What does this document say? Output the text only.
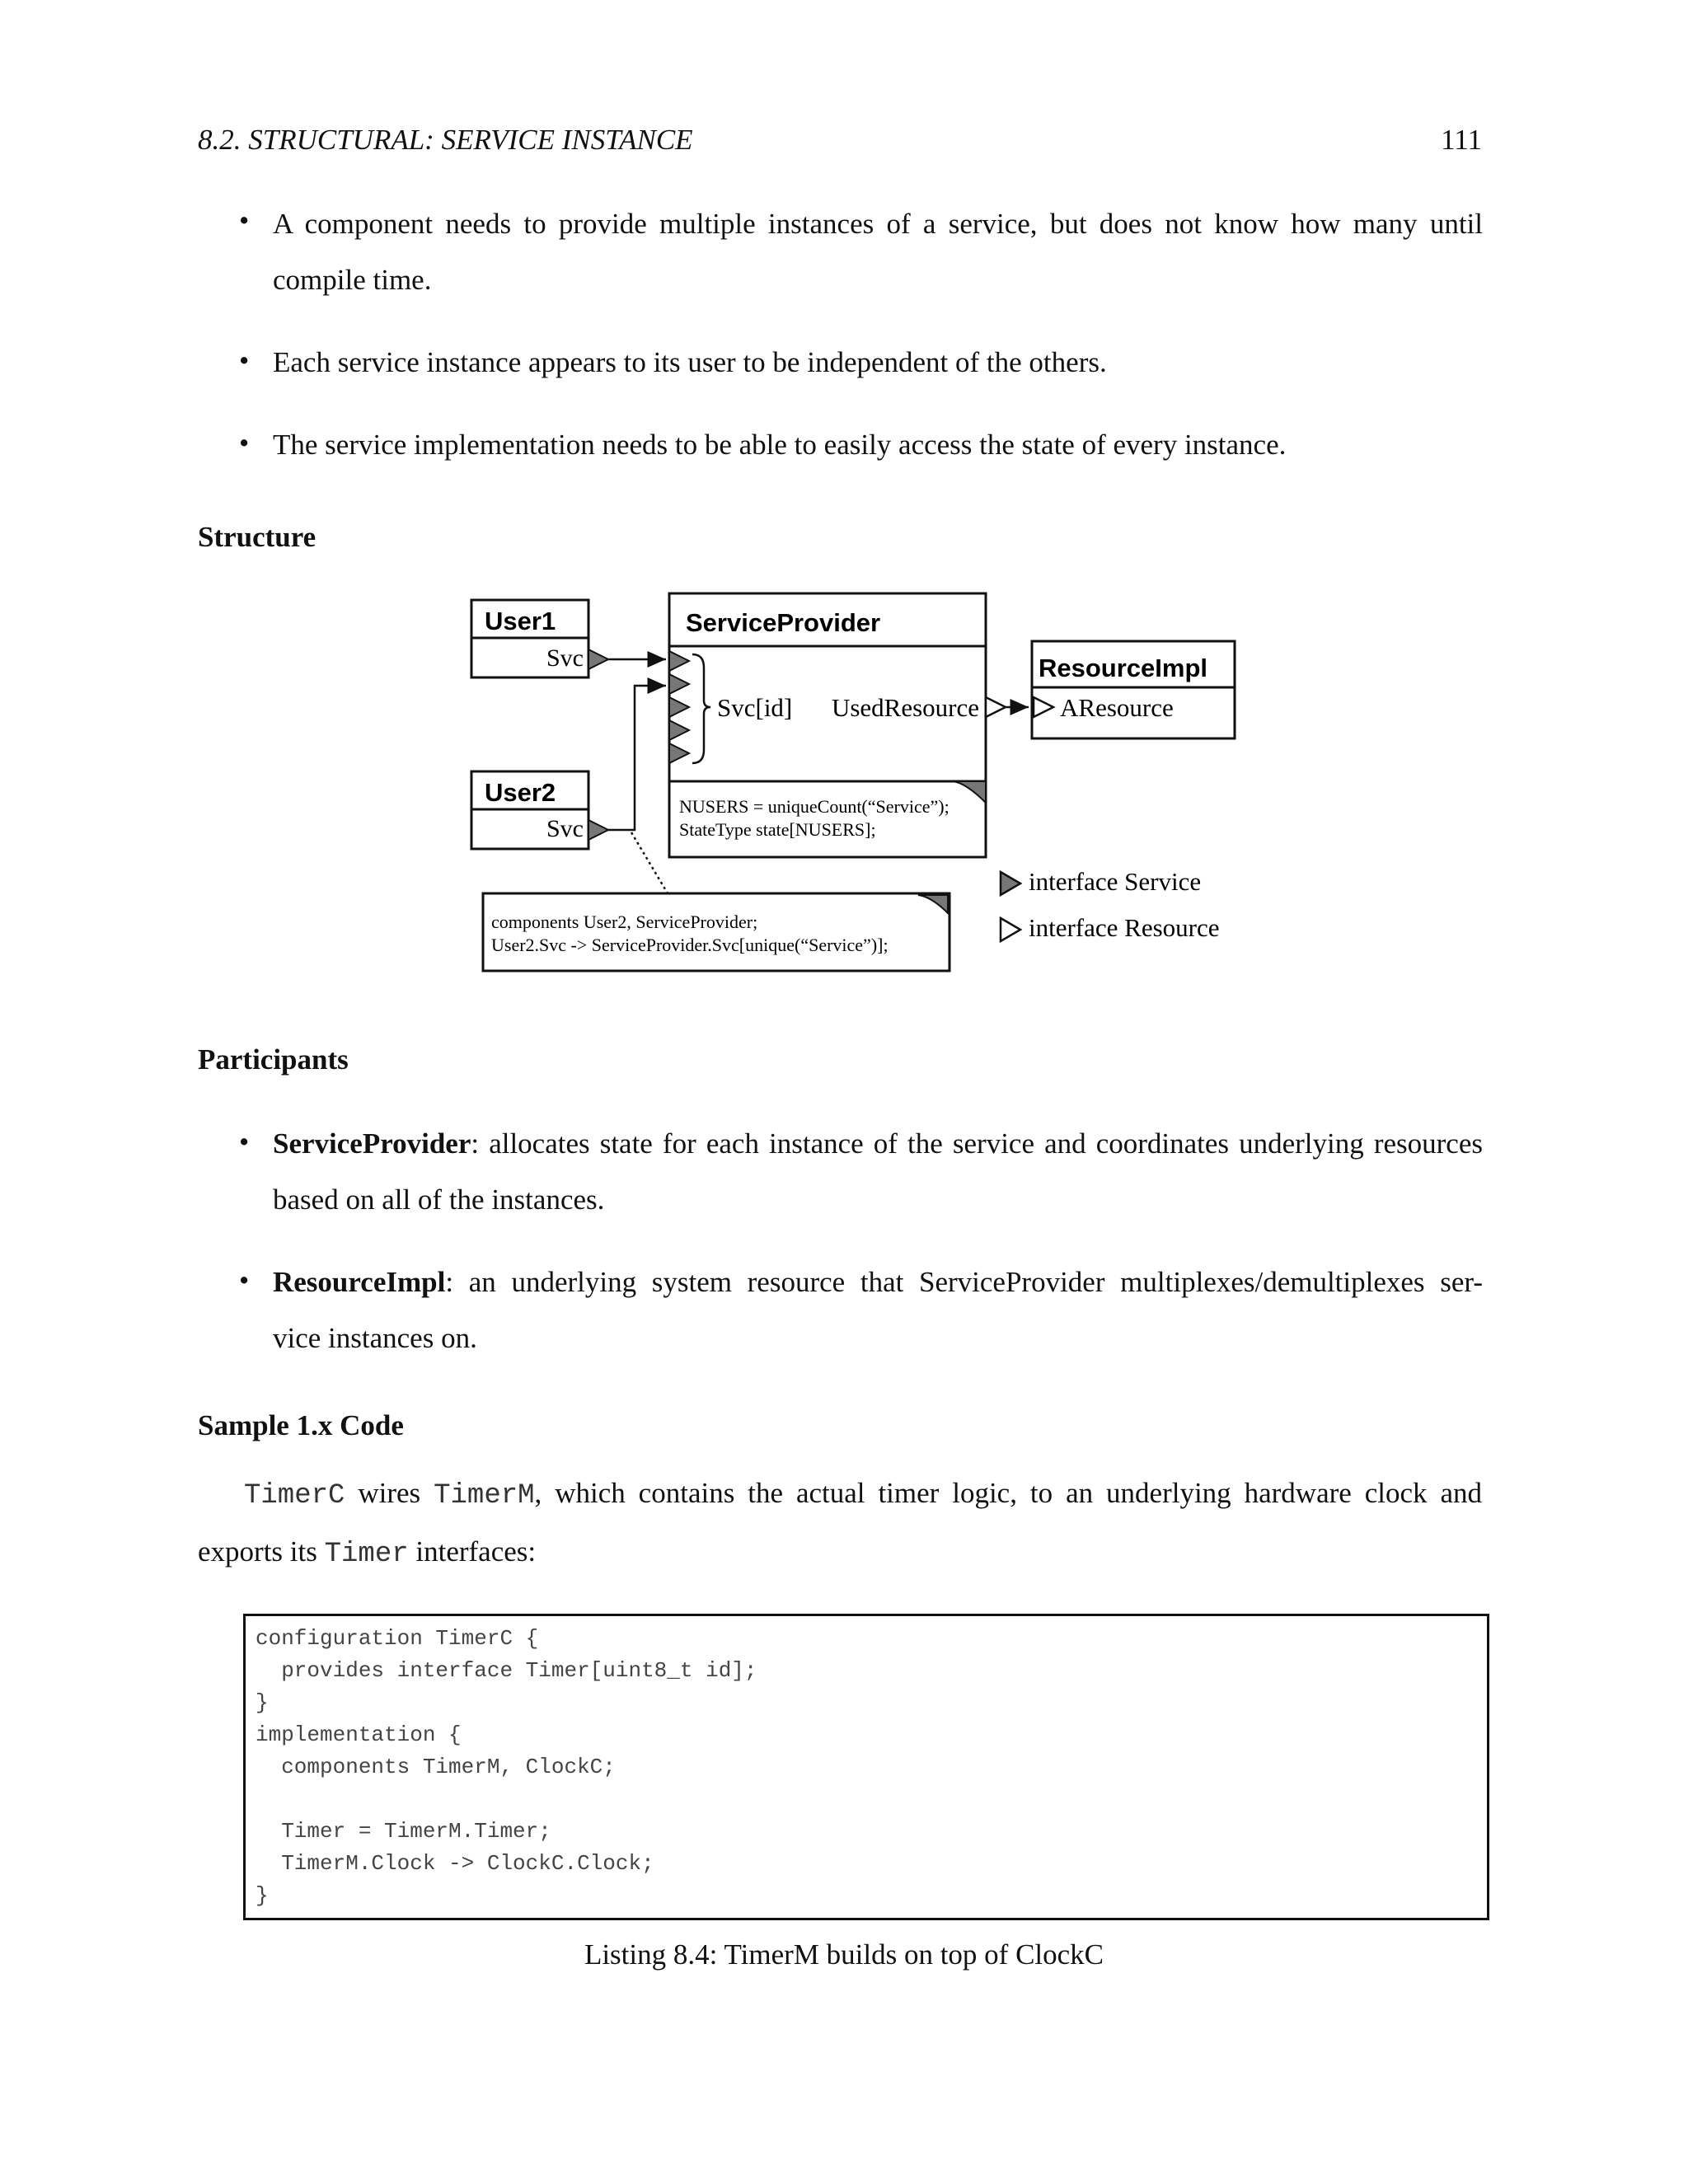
8.2. STRUCTURAL: SERVICE INSTANCE	111
• A component needs to provide multiple instances of a service, but does not know how many until
compile time.
• Each service instance appears to its user to be independent of the others.
• The service implementation needs to be able to easily access the state of every instance.
Structure
User1
Svc
User2
Svc
ServiceProvider
Svc[id] UsedResource
NUSERS = uniqueCount(“Service”);
StateType state[NUSERS];
ResourceImpl
AResource
components User2, ServiceProvider;
User2.Svc -> ServiceProvider.Svc[unique(“Service”)];
interface Service
interface Resource
Participants
• ServiceProvider: allocates state for each instance of the service and coordinates underlying resources
based on all of the instances.
• ResourceImpl: an underlying system resource that ServiceProvider multiplexes/demultiplexes ser-
vice instances on.
Sample 1.x Code
TimerC wires TimerM, which contains the actual timer logic, to an underlying hardware clock and
exports its Timer interfaces:
configuration TimerC {
provides interface Timer[uint8_t id];
}
implementation {
components TimerM, ClockC;
Timer = TimerM.Timer;
TimerM.Clock -> ClockC.Clock;
}
Listing 8.4: TimerM builds on top of ClockC
